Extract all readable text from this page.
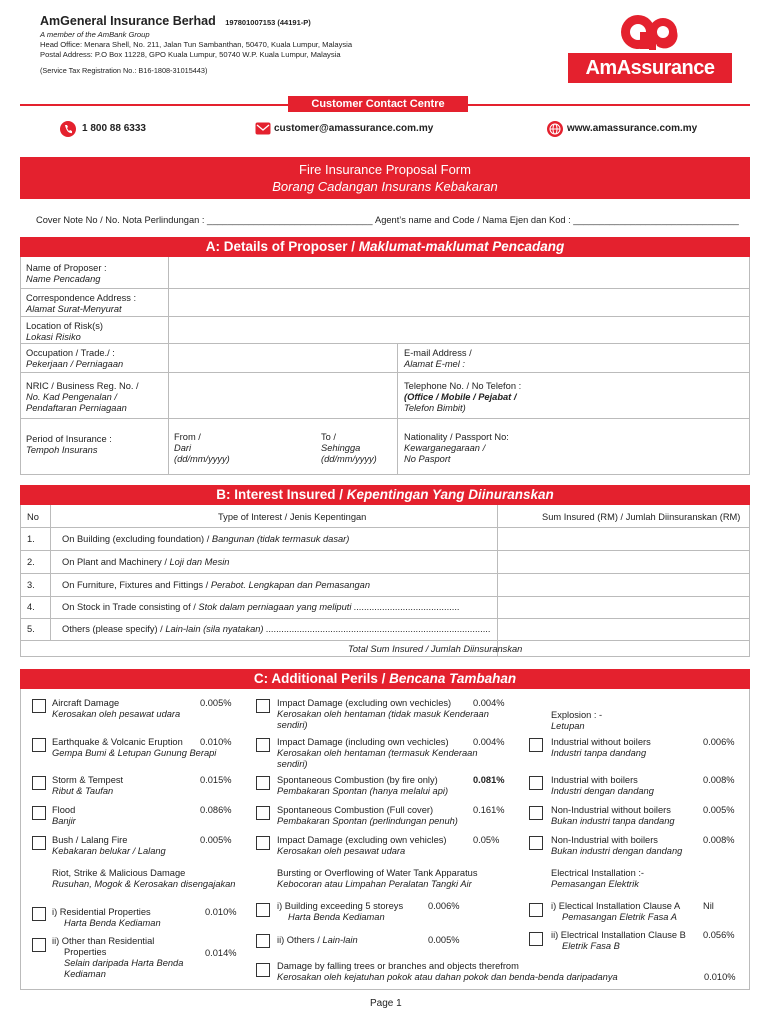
AmGeneral Insurance Berhad 197801007153 (44191-P)
A member of the AmBank Group
Head Office: Menara Shell, No. 211, Jalan Tun Sambanthan, 50470, Kuala Lumpur, Malaysia
Postal Address: P.O Box 11228, GPO Kuala Lumpur, 50740 W.P. Kuala Lumpur, Malaysia
(Service Tax Registration No.: B16-1808-31015443)	AmAssurance
Customer Contact Centre
1 800 88 6333	customer@amassurance.com.my	www.amassurance.com.my
Fire Insurance Proposal Form
Borang Cadangan Insurans Kebakaran
Cover Note No / No. Nota Perlindungan : ________________________________ Agent’s name and Code / Nama Ejen dan Kod : ________________________________
A: Details of Proposer / Maklumat-maklumat Pencadang
Name of Proposer :
Name Pencadang
Correspondence Address :
Alamat Surat-Menyurat
Location of Risk(s)
Lokasi Risiko
Occupation / Trade./ :
Pekerjaan / Perniagaan
E-mail Address /
Alamat E-mel :
NRIC / Business Reg. No. /
No. Kad Pengenalan /
Pendaftaran Perniagaan
Telephone No. / No Telefon :
(Office / Mobile / Pejabat /
Telefon Bimbit)
Period of Insurance :
Tempoh Insurans
From /
Dari
(dd/mm/yyyy)
To /
Sehingga
(dd/mm/yyyy)
Nationality / Passport No:
Kewarganegaraan /
No Pasport
B: Interest Insured / Kepentingan Yang Diinuranskan
No	Type of Interest / Jenis Kepentingan	Sum Insured (RM) / Jumlah Diinsuranskan (RM)
1.	On Building (excluding foundation) / Bangunan (tidak termasuk dasar)
2.	On Plant and Machinery / Loji dan Mesin
3.	On Furniture, Fixtures and Fittings / Perabot. Lengkapan dan Pemasangan
4.	On Stock in Trade consisting of / Stok dalam perniagaan yang meliputi .........................................
5.	Others (please specify) / Lain-lain (sila nyatakan) .......................................................................................
Total Sum Insured / Jumlah Diinsuranskan
C: Additional Perils / Bencana Tambahan
Aircraft Damage
Kerosakan oleh pesawat udara
0.005%
Earthquake & Volcanic Eruption
Gempa Bumi & Letupan Gunung Berapi
0.010%
Storm & Tempest
Ribut & Taufan
0.015%
Flood
Banjir
0.086%
Bush / Lalang Fire
Kebakaran belukar / Lalang
0.005%
Riot, Strike & Malicious Damage
Rusuhan, Mogok & Kerosakan disengajakan
i) Residential Properties
Harta Benda Kediaman
0.010%
ii) Other than Residential
Properties
Selain daripada Harta Benda
Kediaman
0.014%
Impact Damage (excluding own vechicles)
Kerosakan oleh hentaman (tidak masuk Kenderaan sendiri)
0.004%
Impact Damage (including own vechicles)
Kerosakan oleh hentaman (termasuk Kenderaan sendiri)
0.004%
Spontaneous Combustion (by fire only)
Pembakaran Spontan (hanya melalui api)
0.081%
Spontaneous Combustion (Full cover)
Pembakaran Spontan (perlindungan penuh)
0.161%
Impact Damage (excluding own vehicles)
Kerosakan oleh pesawat udara
0.05%
Bursting or Overflowing of Water Tank Apparatus
Kebocoran atau Limpahan Peralatan Tangki Air
i) Building exceeding 5 storeys
Harta Benda Kediaman
0.006%
ii) Others / Lain-lain	0.005%
Damage by falling trees or branches and objects therefrom
Kerosakan oleh kejatuhan pokok atau dahan pokok dan benda-benda daripadanya	0.010%
Explosion : -
Letupan
Industrial without boilers
Industri tanpa dandang
0.006%
Industrial with boilers
Industri dengan dandang
0.008%
Non-Industrial without boilers
Bukan industri tanpa dandang
0.005%
Non-Industrial with boilers
Bukan industri dengan dandang
0.008%
Electrical Installation :-
Pemasangan Elektrik
i) Electical Installation Clause A
Pemasangan Eletrik Fasa A
Nil
ii) Electrical Installation Clause B
Eletrik Fasa B
0.056%
Page 1
